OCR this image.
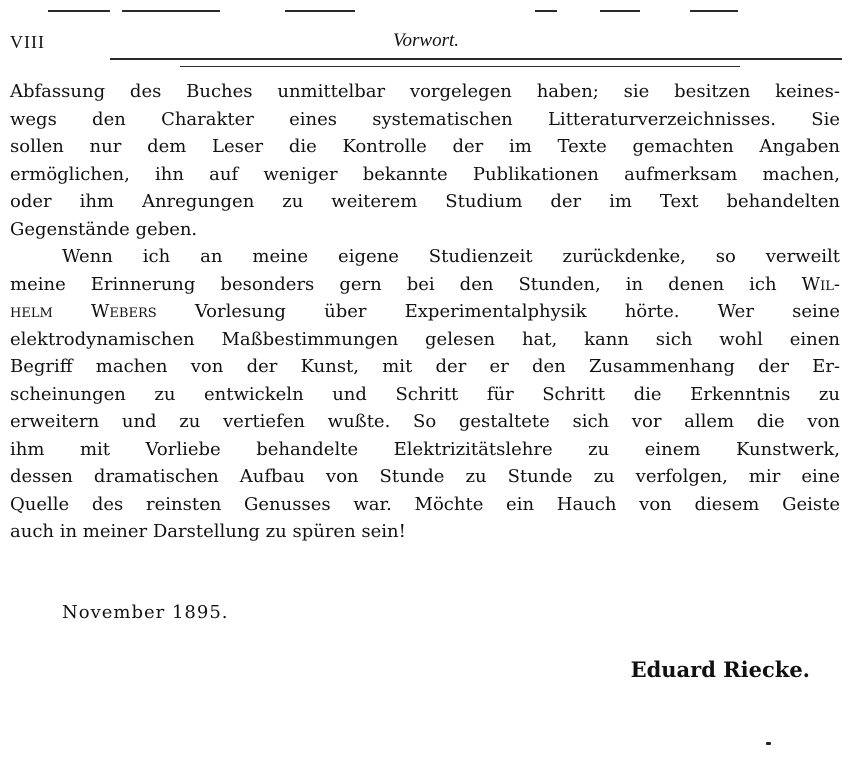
VIII	Vorwort.
Abfassung des Buches unmittelbar vorgelegen haben; sie besitzen keines-
wegs den Charakter eines systematischen Litteraturverzeichnisses. Sie
sollen nur dem Leser die Kontrolle der im Texte gemachten Angaben
ermöglichen, ihn auf weniger bekannte Publikationen aufmerksam machen,
oder ihm Anregungen zu weiterem Studium der im Text behandelten
Gegenstände geben.
Wenn ich an meine eigene Studienzeit zurückdenke, so verweilt
meine Erinnerung besonders gern bei den Stunden, in denen ich Wil-
helm Webers Vorlesung über Experimentalphysik hörte. Wer seine
elektrodynamischen Maßbestimmungen gelesen hat, kann sich wohl einen
Begriff machen von der Kunst, mit der er den Zusammenhang der Er-
scheinungen zu entwickeln und Schritt für Schritt die Erkenntnis zu
erweitern und zu vertiefen wußte. So gestaltete sich vor allem die von
ihm mit Vorliebe behandelte Elektrizitätslehre zu einem Kunstwerk,
dessen dramatischen Aufbau von Stunde zu Stunde zu verfolgen, mir eine
Quelle des reinsten Genusses war. Möchte ein Hauch von diesem Geiste
auch in meiner Darstellung zu spüren sein!
November 1895.
Eduard Riecke.
